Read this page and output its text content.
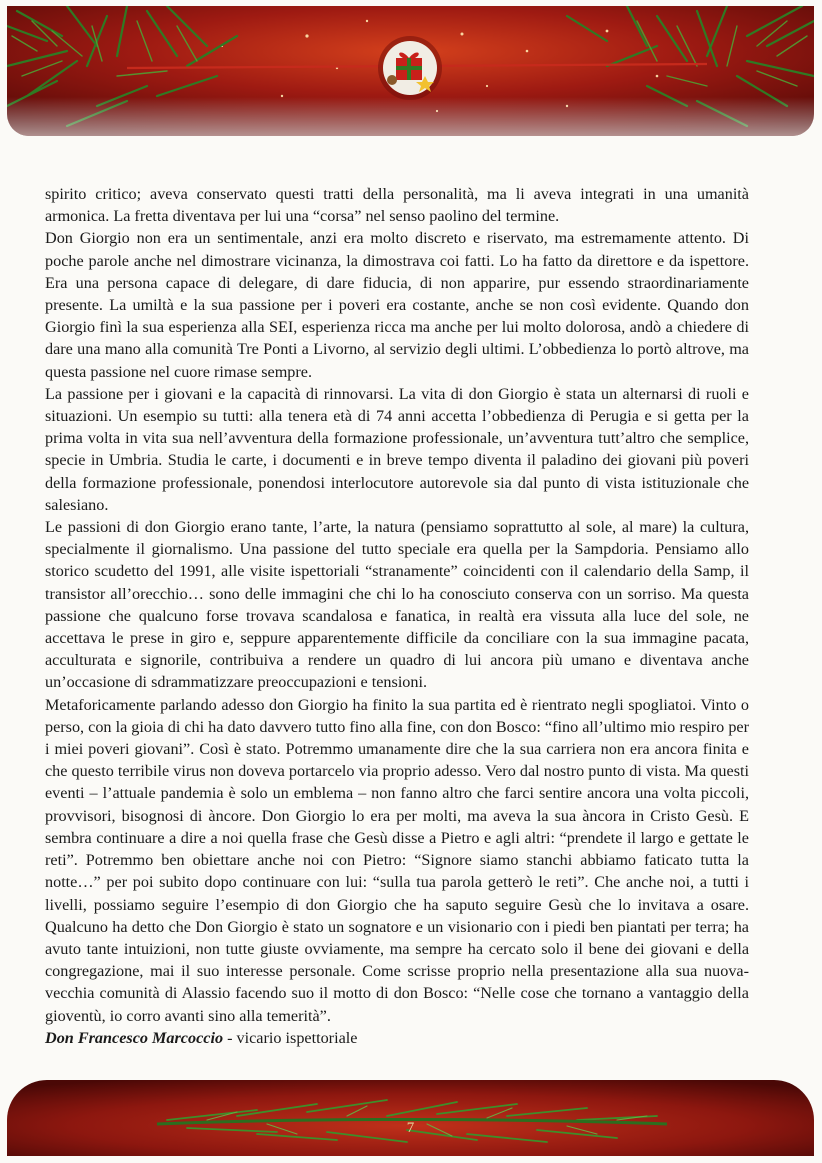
spirito critico; aveva conservato questi tratti della personalità, ma li aveva integrati in una umanità armonica. La fretta diventava per lui una “corsa” nel senso paolino del termine.

Don Giorgio non era un sentimentale, anzi era molto discreto e riservato, ma estremamente attento. Di poche parole anche nel dimostrare vicinanza, la dimostrava coi fatti. Lo ha fatto da direttore e da ispettore. Era una persona capace di delegare, di dare fiducia, di non apparire, pur essendo straordinariamente presente. La umiltà e la sua passione per i poveri era costante, anche se non così evidente. Quando don Giorgio finì la sua esperienza alla SEI, esperienza ricca ma anche per lui molto dolorosa, andò a chiedere di dare una mano alla comunità Tre Ponti a Livorno, al servizio degli ultimi. L’obbedienza lo portò altrove, ma questa passione nel cuore rimase sempre.

La passione per i giovani e la capacità di rinnovarsi. La vita di don Giorgio è stata un alternarsi di ruoli e situazioni. Un esempio su tutti: alla tenera età di 74 anni accetta l’obbedienza di Perugia e si getta per la prima volta in vita sua nell’avventura della formazione professionale, un’avventura tutt’altro che semplice, specie in Umbria. Studia le carte, i documenti e in breve tempo diventa il paladino dei giovani più poveri della formazione professionale, ponendosi interlocutore autorevole sia dal punto di vista istituzionale che salesiano.

Le passioni di don Giorgio erano tante, l’arte, la natura (pensiamo soprattutto al sole, al mare) la cultura, specialmente il giornalismo. Una passione del tutto speciale era quella per la Sampdoria. Pensiamo allo storico scudetto del 1991, alle visite ispettoriali “stranamente” coincidenti con il calendario della Samp, il transistor all’orecchio… sono delle immagini che chi lo ha conosciuto conserva con un sorriso. Ma questa passione che qualcuno forse trovava scandalosa e fanatica, in realtà era vissuta alla luce del sole, ne accettava le prese in giro e, seppure apparentemente difficile da conciliare con la sua immagine pacata, acculturata e signorile, contribuiva a rendere un quadro di lui ancora più umano e diventava anche un’occasione di sdrammatizzare preoccupazioni e tensioni.

Metaforicamente parlando adesso don Giorgio ha finito la sua partita ed è rientrato negli spogliatoi. Vinto o perso, con la gioia di chi ha dato davvero tutto fino alla fine, con don Bosco: “fino all’ultimo mio respiro per i miei poveri giovani”. Così è stato. Potremmo umanamente dire che la sua carriera non era ancora finita e che questo terribile virus non doveva portarcelo via proprio adesso. Vero dal nostro punto di vista. Ma questi eventi – l’attuale pandemia è solo un emblema – non fanno altro che farci sentire ancora una volta piccoli, provvisori, bisognosi di àncore. Don Giorgio lo era per molti, ma aveva la sua àncora in Cristo Gesù. E sembra continuare a dire a noi quella frase che Gesù disse a Pietro e agli altri: “prendete il largo e gettate le reti”. Potremmo ben obiettare anche noi con Pietro: “Signore siamo stanchi abbiamo faticato tutta la notte…” per poi subito dopo continuare con lui: “sulla tua parola getterò le reti”. Che anche noi, a tutti i livelli, possiamo seguire l’esempio di don Giorgio che ha saputo seguire Gesù che lo invitava a osare. Qualcuno ha detto che Don Giorgio è stato un sognatore e un visionario con i piedi ben piantati per terra; ha avuto tante intuizioni, non tutte giuste ovviamente, ma sempre ha cercato solo il bene dei giovani e della congregazione, mai il suo interesse personale. Come scrisse proprio nella presentazione alla sua nuova-vecchia comunità di Alassio facendo suo il motto di don Bosco: “Nelle cose che tornano a vantaggio della gioventù, io corro avanti sino alla temerità”.

Don Francesco Marcoccio - vicario ispettoriale

7
